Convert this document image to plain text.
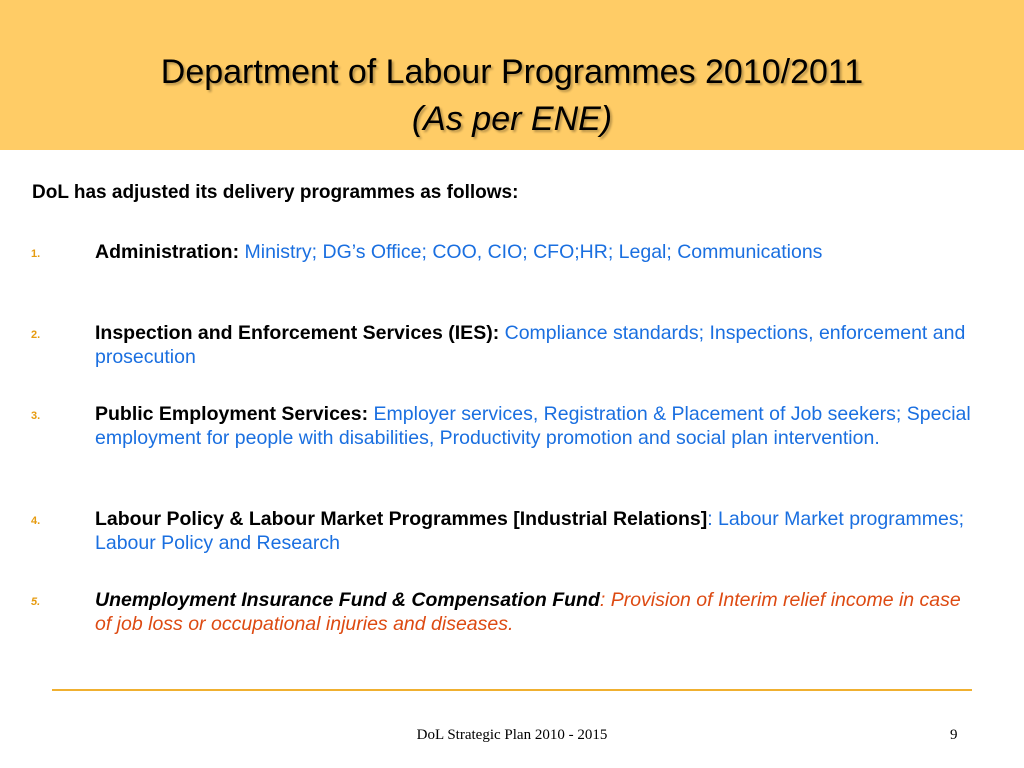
Department of Labour Programmes 2010/2011
(As per ENE)
DoL has adjusted its delivery programmes as follows:
1.	Administration: Ministry; DG’s Office; COO, CIO; CFO;HR; Legal; Communications
2.	Inspection and Enforcement Services (IES): Compliance standards; Inspections, enforcement and prosecution
3.	Public Employment Services: Employer services, Registration & Placement of Job seekers; Special employment for people with disabilities, Productivity promotion and social plan intervention.
4.	Labour Policy & Labour Market Programmes [Industrial Relations]: Labour Market programmes; Labour Policy and Research
5.	Unemployment Insurance Fund & Compensation Fund: Provision of Interim relief income in case of job loss or occupational injuries and diseases.
DoL Strategic Plan 2010 - 2015	9
